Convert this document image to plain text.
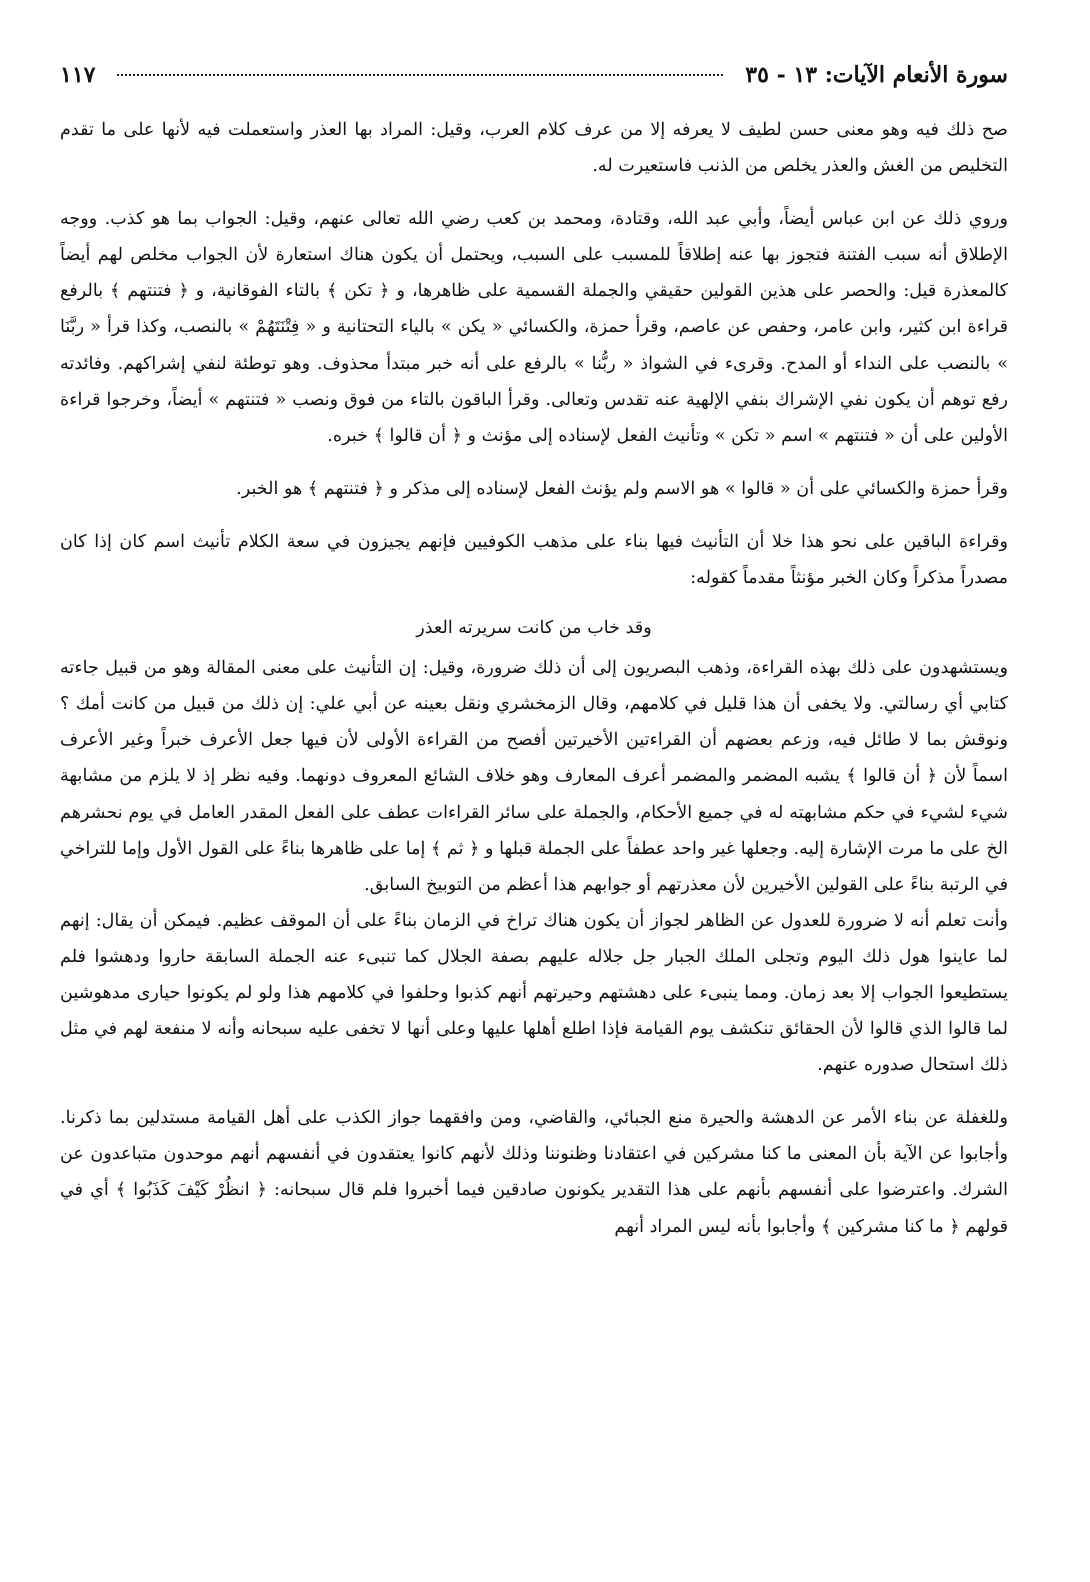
سورة الأنعام الآيات: ١٣ - ٣٥
١١٧

صح ذلك فيه وهو معنى حسن لطيف لا يعرفه إلا من عرف كلام العرب، وقيل: المراد بها العذر واستعملت فيه لأنها على ما تقدم التخليص من الغش والعذر يخلص من الذنب فاستعيرت له.

وروي ذلك عن ابن عباس أيضاً، وأبي عبد الله، وقتادة، ومحمد بن كعب رضي الله تعالى عنهم، وقيل: الجواب بما هو كذب. ووجه الإطلاق أنه سبب الفتنة فتجوز بها عنه إطلاقاً للمسبب على السبب، ويحتمل أن يكون هناك استعارة لأن الجواب مخلص لهم أيضاً كالمعذرة قيل: والحصر على هذين القولين حقيقي والجملة القسمية على ظاهرها، و ﴿ تكن ﴾ بالتاء الفوقانية، و ﴿ فتنتهم ﴾ بالرفع قراءة ابن كثير، وابن عامر، وحفص عن عاصم، وقرأ حمزة، والكسائي « يكن » بالياء التحتانية و « فِتْنَتَهُمْ » بالنصب، وكذا قرأ « ربَّنَا » بالنصب على النداء أو المدح. وقرىء في الشواذ « ربُّنا » بالرفع على أنه خبر مبتدأ محذوف. وهو توطئة لنفي إشراكهم. وفائدته رفع توهم أن يكون نفي الإشراك بنفي الإلهية عنه تقدس وتعالى. وقرأ الباقون بالتاء من فوق ونصب « فتنتهم » أيضاً، وخرجوا قراءة الأولين على أن « فتنتهم » اسم « تكن » وتأنيث الفعل لإسناده إلى مؤنث و ﴿ أن قالوا ﴾ خبره.

وقرأ حمزة والكسائي على أن « قالوا » هو الاسم ولم يؤنث الفعل لإسناده إلى مذكر و ﴿ فتنتهم ﴾ هو الخبر.

وقراءة الباقين على نحو هذا خلا أن التأنيث فيها بناء على مذهب الكوفيين فإنهم يجيزون في سعة الكلام تأنيث اسم كان إذا كان مصدراً مذكراً وكان الخبر مؤنثاً مقدماً كقوله:

وقد خاب من كانت سريرته العذر

ويستشهدون على ذلك بهذه القراءة، وذهب البصريون إلى أن ذلك ضرورة، وقيل: إن التأنيث على معنى المقالة وهو من قبيل جاءته كتابي أي رسالتي. ولا يخفى أن هذا قليل في كلامهم، وقال الزمخشري ونقل بعينه عن أبي علي: إن ذلك من قبيل من كانت أمك ؟ ونوقش بما لا طائل فيه، وزعم بعضهم أن القراءتين الأخيرتين أفصح من القراءة الأولى لأن فيها جعل الأعرف خبراً وغير الأعرف اسماً لأن ﴿ أن قالوا ﴾ يشبه المضمر والمضمر أعرف المعارف وهو خلاف الشائع المعروف دونهما. وفيه نظر إذ لا يلزم من مشابهة شيء لشيء في حكم مشابهته له في جميع الأحكام، والجملة على سائر القراءات عطف على الفعل المقدر العامل في يوم نحشرهم الخ على ما مرت الإشارة إليه. وجعلها غير واحد عطفاً على الجملة قبلها و ﴿ ثم ﴾ إما على ظاهرها بناءً على القول الأول وإما للتراخي في الرتبة بناءً على القولين الأخيرين لأن معذرتهم أو جوابهم هذا أعظم من التوبيخ السابق.

وأنت تعلم أنه لا ضرورة للعدول عن الظاهر لجواز أن يكون هناك تراخ في الزمان بناءً على أن الموقف عظيم. فيمكن أن يقال: إنهم لما عاينوا هول ذلك اليوم وتجلى الملك الجبار جل جلاله عليهم بصفة الجلال كما تنبىء عنه الجملة السابقة حاروا ودهشوا فلم يستطيعوا الجواب إلا بعد زمان. ومما ينبىء على دهشتهم وحيرتهم أنهم كذبوا وحلفوا في كلامهم هذا ولو لم يكونوا حيارى مدهوشين لما قالوا الذي قالوا لأن الحقائق تنكشف يوم القيامة فإذا اطلع أهلها عليها وعلى أنها لا تخفى عليه سبحانه وأنه لا منفعة لهم في مثل ذلك استحال صدوره عنهم.

وللغفلة عن بناء الأمر عن الدهشة والحيرة منع الجبائي، والقاضي، ومن وافقهما جواز الكذب على أهل القيامة مستدلين بما ذكرنا. وأجابوا عن الآية بأن المعنى ما كنا مشركين في اعتقادنا وظنوننا وذلك لأنهم كانوا يعتقدون في أنفسهم أنهم موحدون متباعدون عن الشرك. واعترضوا على أنفسهم بأنهم على هذا التقدير يكونون صادقين فيما أخبروا فلم قال سبحانه: ﴿ انظُرْ كَيْفَ كَذَبُوا ﴾ أي في قولهم ﴿ ما كنا مشركين ﴾ وأجابوا بأنه ليس المراد أنهم
